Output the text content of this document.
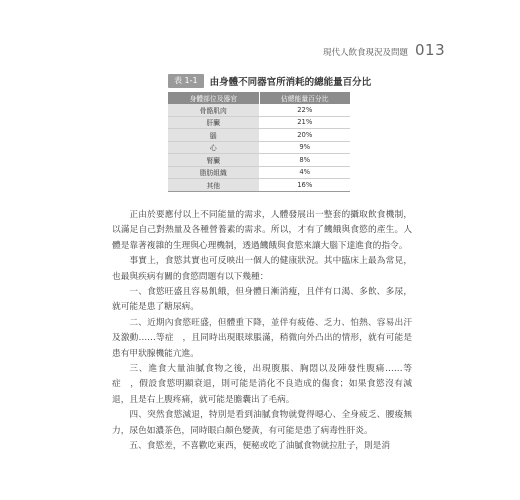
現代人飲食現況及問題 013
表 1-1	由身體不同器官所消耗的總能量百分比
身體部位及器官	佔總能量百分比
骨骼肌肉	22%
肝臟	21%
腦	20%
心	9%
腎臟	8%
脂肪組織	4%
其他	16%

正由於要應付以上不同能量的需求，人體發展出一整套的攝取飲食機制，以滿足自己對熱量及各種營養素的需求。所以，才有了饑餓與食慾的產生。人體是靠著複雜的生理與心理機制，透過饑餓與食慾來讓大腦下達進食的指令。

事實上，食慾其實也可反映出一個人的健康狀況。其中臨床上最為常見，也最與疾病有關的食慾問題有以下幾種：

一、食慾旺盛且容易飢餓，但身體日漸消瘦，且伴有口渴、多飲、多尿，就可能是患了糖尿病。

二、近期內食慾旺盛，但體重下降，並伴有疲倦、乏力、怕熱、容易出汗及激動……等症　，且同時出現眼球脹滿，稍微向外凸出的情形，就有可能是患有甲狀腺機能亢進。

三、進食大量油膩食物之後，出現腹脹、胸悶以及陣發性腹痛……等症　，假設食慾明顯衰退，則可能是消化不良造成的傷食；如果食慾沒有減退，且是右上腹疼痛，就可能是膽囊出了毛病。

四、突然食慾減退，特別是看到油膩食物就覺得噁心、全身疲乏、腰痠無力，尿色如濃茶色，同時眼白顏色變黃，有可能是患了病毒性肝炎。

五、食慾差，不喜歡吃東西，便秘或吃了油膩食物就拉肚子，則是消
